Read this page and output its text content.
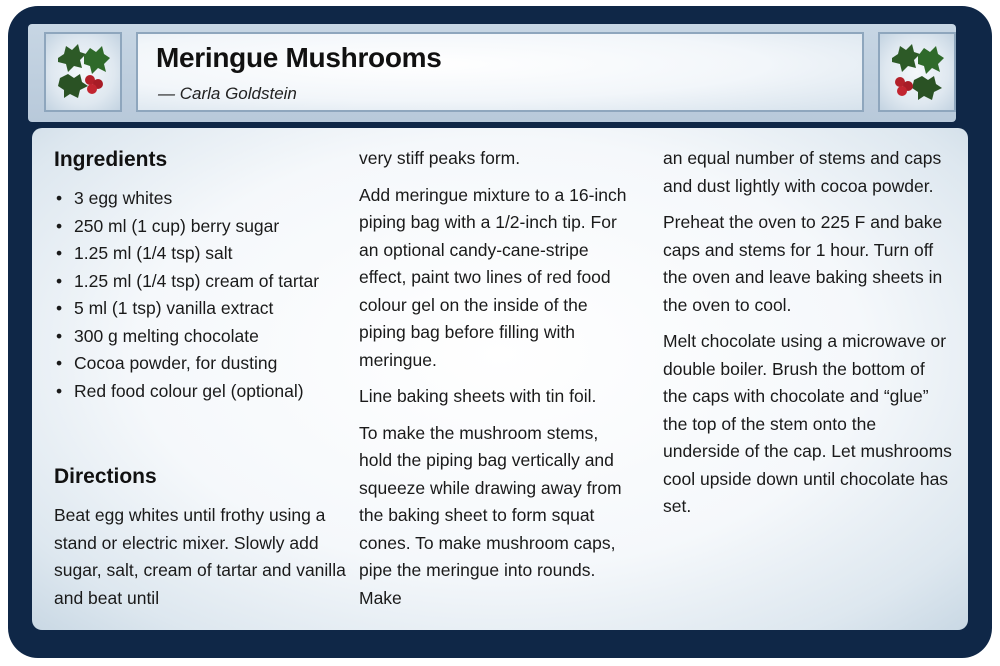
Meringue Mushrooms
— Carla Goldstein
Ingredients
• 3 egg whites
• 250 ml (1 cup) berry sugar
• 1.25 ml (1/4 tsp) salt
• 1.25 ml (1/4 tsp) cream of tartar
• 5 ml (1 tsp) vanilla extract
• 300 g melting chocolate
• Cocoa powder, for dusting
• Red food colour gel (optional)
Directions

Beat egg whites until frothy using a stand or electric mixer. Slowly add sugar, salt, cream of tartar and vanilla and beat until

very stiff peaks form.

Add meringue mixture to a 16-inch piping bag with a 1/2-inch tip. For an optional candy-cane-stripe effect, paint two lines of red food colour gel on the inside of the piping bag before filling with meringue.

Line baking sheets with tin foil.

To make the mushroom stems, hold the piping bag vertically and squeeze while drawing away from the baking sheet to form squat cones. To make mushroom caps, pipe the meringue into rounds. Make

an equal number of stems and caps and dust lightly with cocoa powder.

Preheat the oven to 225 F and bake caps and stems for 1 hour. Turn off the oven and leave baking sheets in the oven to cool.

Melt chocolate using a microwave or double boiler. Brush the bottom of the caps with chocolate and “glue” the top of the stem onto the underside of the cap. Let mushrooms cool upside down until chocolate has set.
